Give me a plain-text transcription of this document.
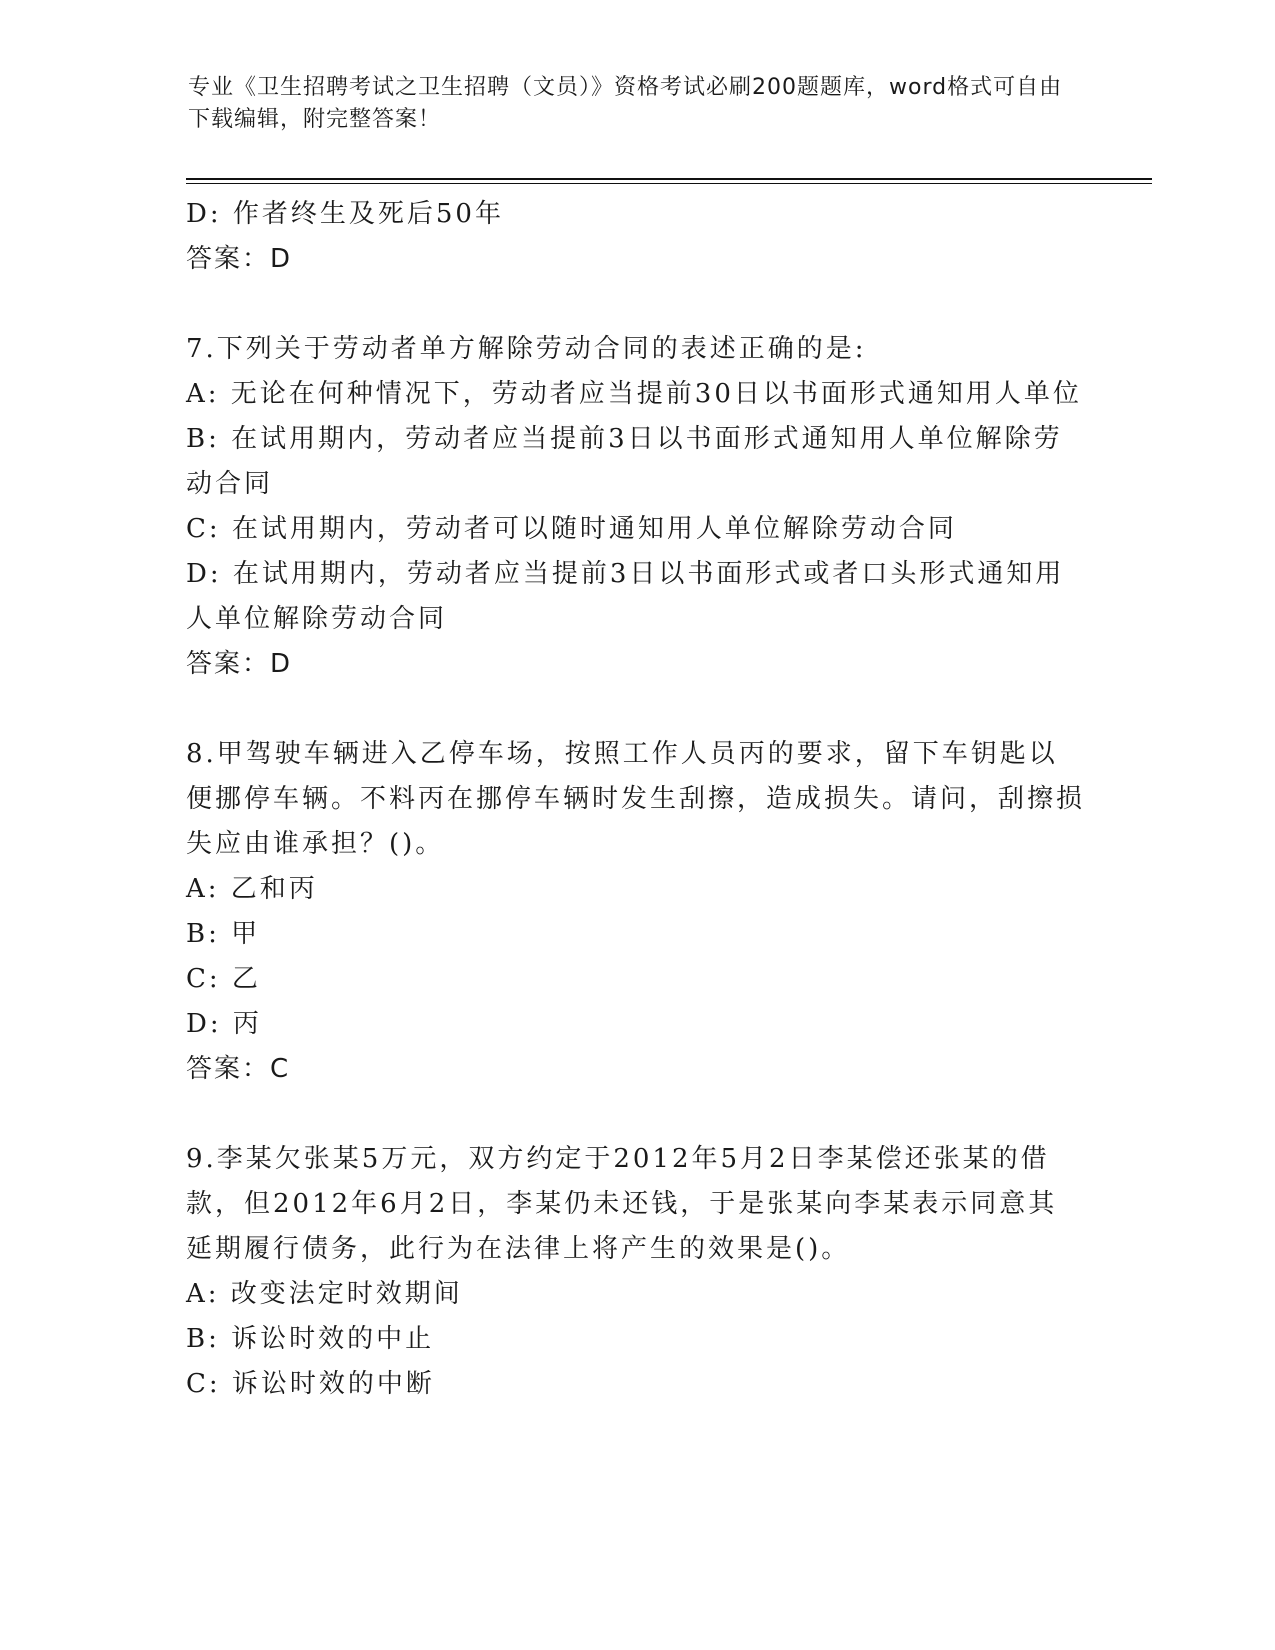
专业《卫生招聘考试之卫生招聘（文员）》资格考试必刷200题题库，word格式可自由下载编辑，附完整答案！
D: 作者终生及死后50年
答案：D
7.下列关于劳动者单方解除劳动合同的表述正确的是:
A: 无论在何种情况下，劳动者应当提前30日以书面形式通知用人单位
B: 在试用期内，劳动者应当提前3日以书面形式通知用人单位解除劳动合同
C: 在试用期内，劳动者可以随时通知用人单位解除劳动合同
D: 在试用期内，劳动者应当提前3日以书面形式或者口头形式通知用人单位解除劳动合同
答案：D
8.甲驾驶车辆进入乙停车场，按照工作人员丙的要求，留下车钥匙以便挪停车辆。不料丙在挪停车辆时发生刮擦，造成损失。请问，刮擦损失应由谁承担？()。
A: 乙和丙
B: 甲
C: 乙
D: 丙
答案：C
9.李某欠张某5万元，双方约定于2012年5月2日李某偿还张某的借款，但2012年6月2日，李某仍未还钱，于是张某向李某表示同意其延期履行债务，此行为在法律上将产生的效果是()。
A: 改变法定时效期间
B: 诉讼时效的中止
C: 诉讼时效的中断
